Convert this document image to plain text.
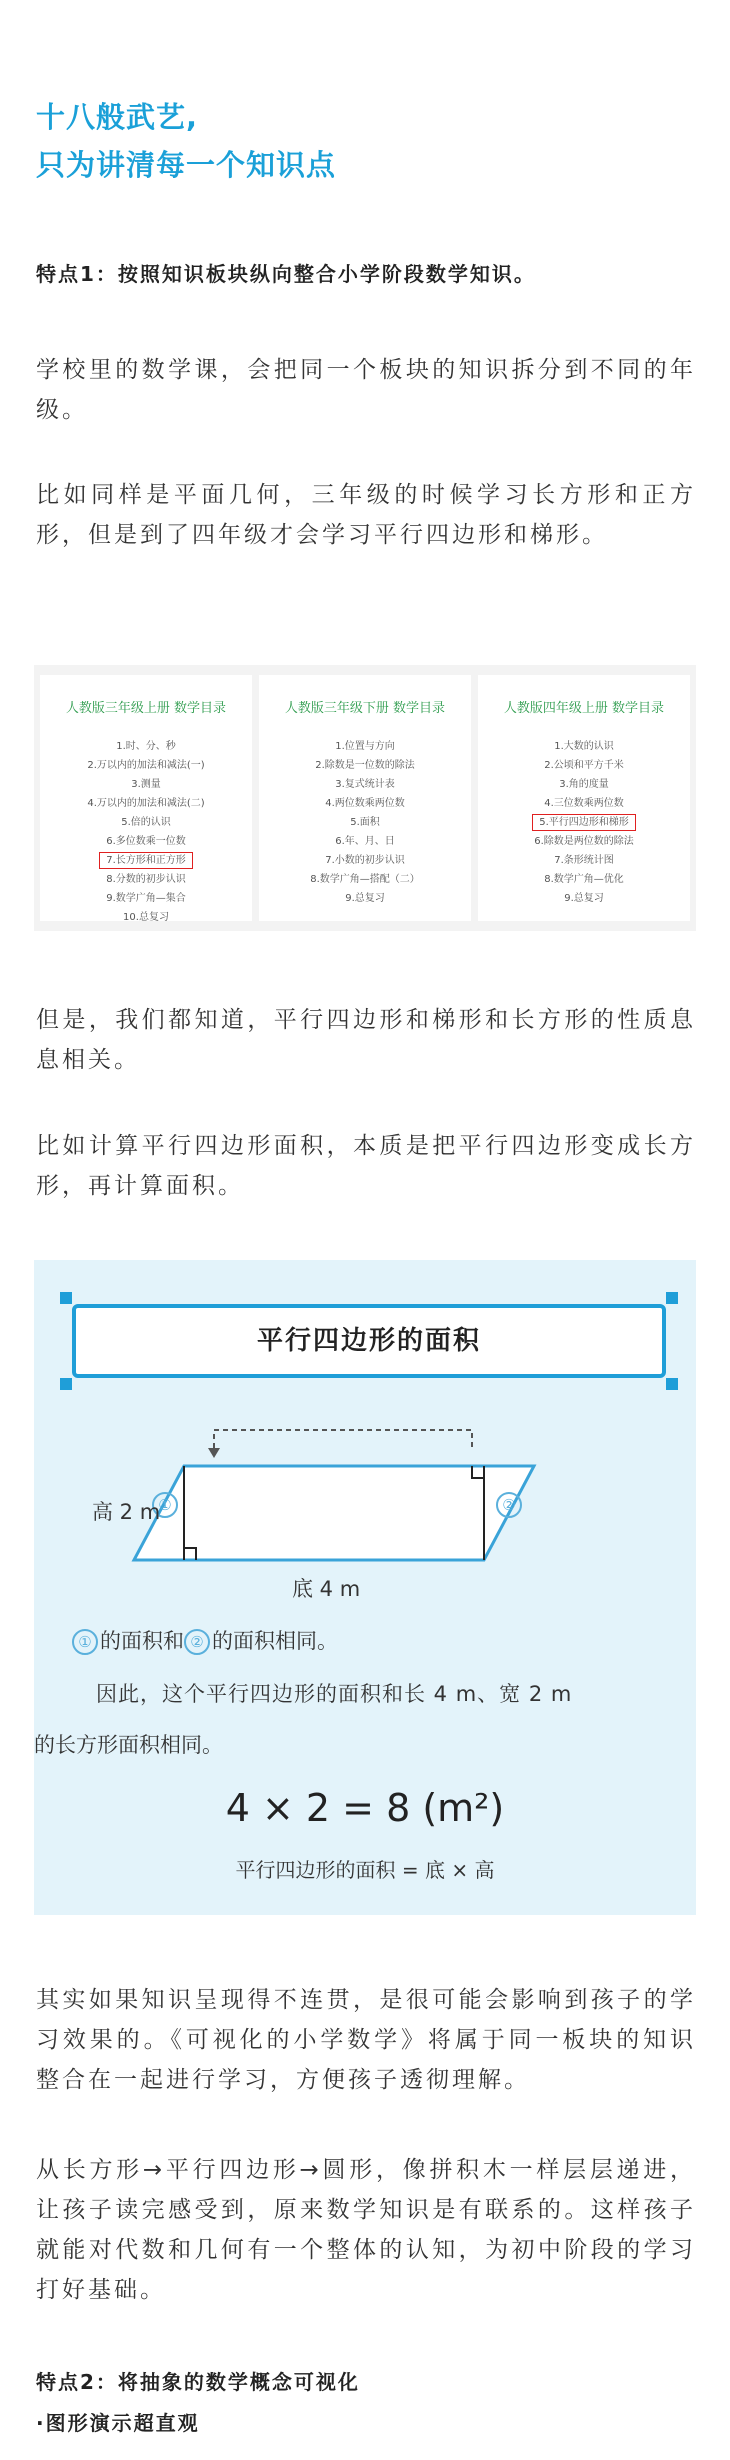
十八般武艺,
只为讲清每一个知识点
特点1：按照知识板块纵向整合小学阶段数学知识。
学校里的数学课，会把同一个板块的知识拆分到不同的年级。
比如同样是平面几何，三年级的时候学习长方形和正方形，但是到了四年级才会学习平行四边形和梯形。
人教版三年级上册 数学目录
1.时、分、秒
2.万以内的加法和减法(一)
3.测量
4.万以内的加法和减法(二)
5.倍的认识
6.多位数乘一位数
7.长方形和正方形
8.分数的初步认识
9.数学广角—集合
10.总复习
人教版三年级下册 数学目录
1.位置与方向
2.除数是一位数的除法
3.复式统计表
4.两位数乘两位数
5.面积
6.年、月、日
7.小数的初步认识
8.数学广角—搭配（二）
9.总复习
人教版四年级上册 数学目录
1.大数的认识
2.公顷和平方千米
3.角的度量
4.三位数乘两位数
5.平行四边形和梯形
6.除数是两位数的除法
7.条形统计图
8.数学广角—优化
9.总复习
但是，我们都知道，平行四边形和梯形和长方形的性质息息相关。
比如计算平行四边形面积，本质是把平行四边形变成长方形，再计算面积。
平行四边形的面积
①	②
高 2 m
底 4 m
① 的面积和 ② 的面积相同。
因此，这个平行四边形的面积和长 4 m、宽 2 m
的长方形面积相同。
4 × 2 = 8 (m²)
平行四边形的面积 = 底 × 高
其实如果知识呈现得不连贯，是很可能会影响到孩子的学习效果的。《可视化的小学数学》将属于同一板块的知识整合在一起进行学习，方便孩子透彻理解。
从长方形→平行四边形→圆形，像拼积木一样层层递进，让孩子读完感受到，原来数学知识是有联系的。这样孩子就能对代数和几何有一个整体的认知，为初中阶段的学习打好基础。
特点2：将抽象的数学概念可视化
·图形演示超直观
